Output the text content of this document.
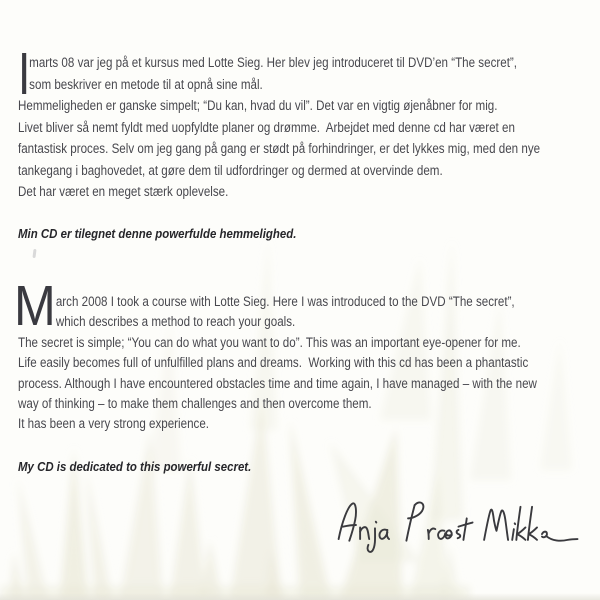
I
marts 08 var jeg på et kursus med Lotte Sieg. Her blev jeg introduceret til DVD’en “The secret”,
som beskriver en metode til at opnå sine mål.
Hemmeligheden er ganske simpelt; “Du kan, hvad du vil”. Det var en vigtig øjenåbner for mig.
Livet bliver så nemt fyldt med uopfyldte planer og drømme.  Arbejdet med denne cd har været en
fantastisk proces. Selv om jeg gang på gang er stødt på forhindringer, er det lykkes mig, med den nye
tankegang i baghovedet, at gøre dem til udfordringer og dermed at overvinde dem.
Det har været en meget stærk oplevelse.
Min CD er tilegnet denne powerfulde hemmelighed.
M arch 2008 I took a course with Lotte Sieg. Here I was introduced to the DVD “The secret”,
which describes a method to reach your goals.
The secret is simple; “You can do what you want to do”. This was an important eye-opener for me.
Life easily becomes full of unfulfilled plans and dreams.  Working with this cd has been a phantastic
process. Although I have encountered obstacles time and time again, I have managed – with the new
way of thinking – to make them challenges and then overcome them.
It has been a very strong experience.
My CD is dedicated to this powerful secret.
